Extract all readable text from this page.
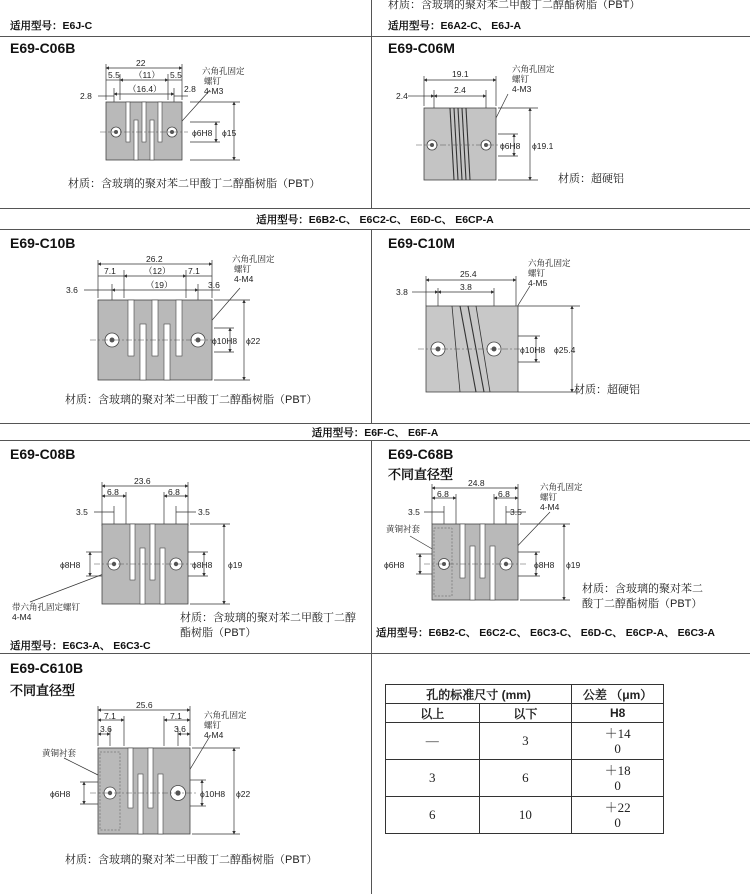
适用型号：E6J-C
材质：含玻璃的聚对苯二甲酸丁二醇酯树脂（PBT）
适用型号：E6A2-C、 E6J-A
适用型号：E6B2-C、 E6C2-C、 E6D-C、 E6CP-A
适用型号：E6F-C、 E6F-A
E69-C06B	E69-C06M
E69-C10B	E69-C10M
E69-C08B	E69-C68B
不同直径型
E69-C610B
不同直径型
材质：含玻璃的聚对苯二甲酸丁二醇酯树脂（PBT）	材质：超硬铝
材质：含玻璃的聚对苯二甲酸丁二醇酯树脂（PBT）
材质：超硬铝
材质：含玻璃的聚对苯二甲酸丁二醇
酯树脂（PBT）
适用型号：E6C3-A、 E6C3-C
材质：含玻璃的聚对苯二
酸丁二醇酯树脂（PBT）
适用型号：E6B2-C、 E6C2-C、 E6C3-C、 E6D-C、 E6CP-A、 E6C3-A
材质：含玻璃的聚对苯二甲酸丁二醇酯树脂（PBT）
22
5.5 （11） 5.5
2.8
（16.4）	2.8
ϕ6H8 ϕ15
六角孔固定
螺钉
4-M3
19.1
2.4
2.4
ϕ6H8 ϕ19.1
六角孔固定
螺钉
4-M3
26.2
7.1	（12） 7.1
3.6	（19）	3.6
ϕ10H8 ϕ22
六角孔固定
螺钉
4-M4	25.4
3.8	3.8
ϕ10H8 ϕ25.4
六角孔固定
螺钉
4-M5
23.6
6.8	6.8
3.5	3.5
ϕ8H8	ϕ8H8 ϕ19
带六角孔固定螺钉
4-M4
24.8
6.8	6.8
3.5	3.5
ϕ6H8	ϕ8H8 ϕ19
黄铜衬套
六角孔固定
螺钉
4-M4
25.6
7.1	7.1
3.6	3.6
ϕ6H8	ϕ10H8 ϕ22
黄铜衬套
六角孔固定
螺钉
4-M4
孔的标准尺寸 (mm)		公差 （μm）
以上	以下	H8
—	3	＋14
0

3	6	＋18
0

6	10	＋22
0
